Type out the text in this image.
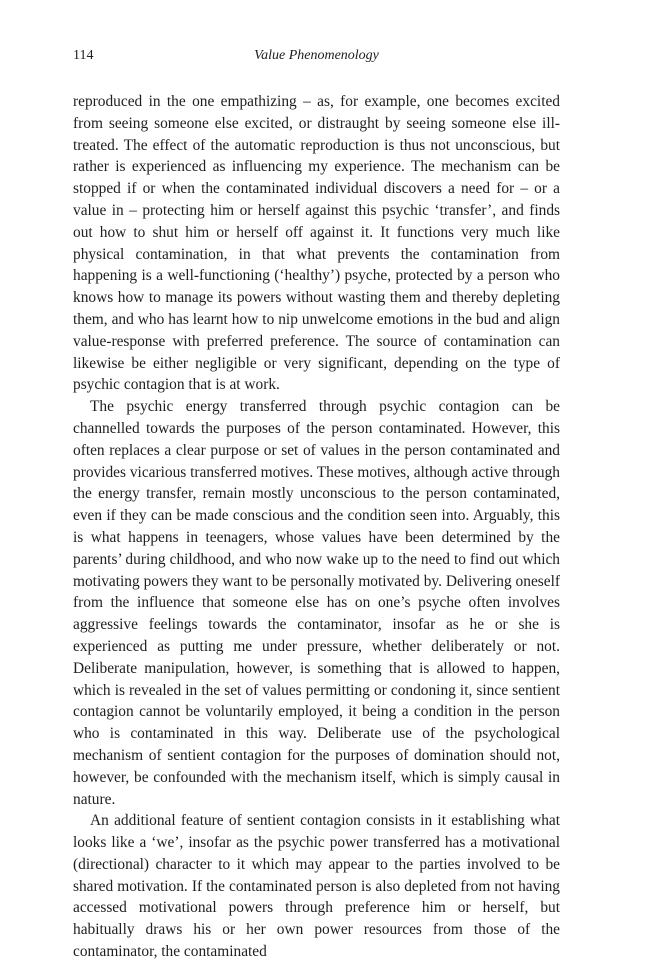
114	Value Phenomenology

reproduced in the one empathizing – as, for example, one becomes excited from seeing someone else excited, or distraught by seeing someone else ill-treated. The effect of the automatic reproduction is thus not unconscious, but rather is experienced as influencing my experience. The mechanism can be stopped if or when the contaminated individual discovers a need for – or a value in – protecting him or herself against this psychic ‘transfer’, and finds out how to shut him or herself off against it. It functions very much like physical contamination, in that what prevents the contamination from happening is a well-functioning (‘healthy’) psyche, protected by a person who knows how to manage its powers without wasting them and thereby depleting them, and who has learnt how to nip unwelcome emotions in the bud and align value-response with preferred preference. The source of contamination can likewise be either negligible or very significant, depending on the type of psychic contagion that is at work.

The psychic energy transferred through psychic contagion can be channelled towards the purposes of the person contaminated. However, this often replaces a clear purpose or set of values in the person contaminated and provides vicarious transferred motives. These motives, although active through the energy transfer, remain mostly unconscious to the person contaminated, even if they can be made conscious and the condition seen into. Arguably, this is what happens in teenagers, whose values have been determined by the parents’ during childhood, and who now wake up to the need to find out which motivating powers they want to be personally motivated by. Delivering oneself from the influence that someone else has on one’s psyche often involves aggressive feelings towards the contaminator, insofar as he or she is experienced as putting me under pressure, whether deliberately or not. Deliberate manipulation, however, is something that is allowed to happen, which is revealed in the set of values permitting or condoning it, since sentient contagion cannot be voluntarily employed, it being a condition in the person who is contaminated in this way. Deliberate use of the psychological mechanism of sentient contagion for the purposes of domination should not, however, be confounded with the mechanism itself, which is simply causal in nature.

An additional feature of sentient contagion consists in it establishing what looks like a ‘we’, insofar as the psychic power transferred has a motivational (directional) character to it which may appear to the parties involved to be shared motivation. If the contaminated person is also depleted from not having accessed motivational powers through preference him or herself, but habitually draws his or her own power resources from those of the contaminator, the contaminated
